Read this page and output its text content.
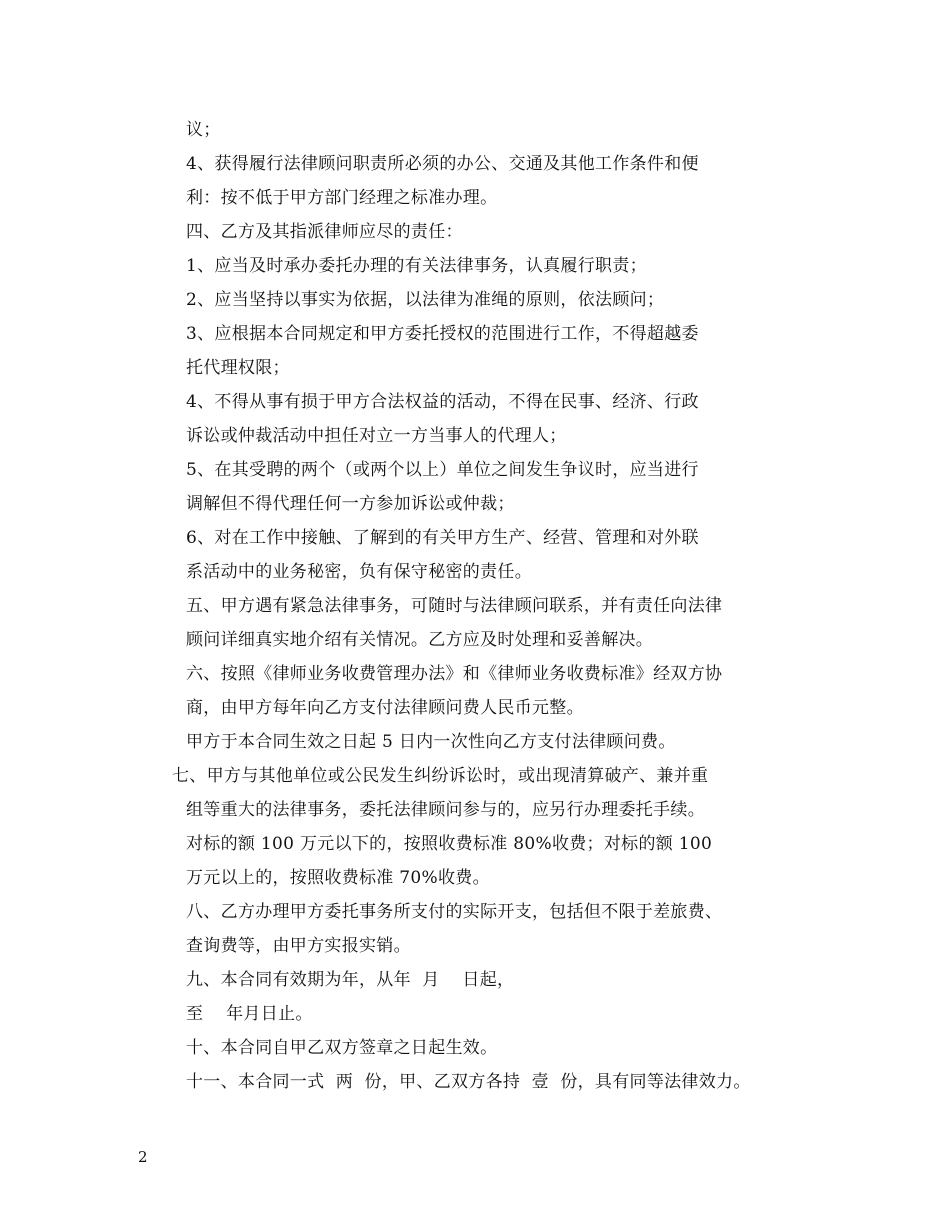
议；
4、获得履行法律顾问职责所必须的办公、交通及其他工作条件和便
利：按不低于甲方部门经理之标准办理。
四、乙方及其指派律师应尽的责任：
1、应当及时承办委托办理的有关法律事务，认真履行职责；
2、应当坚持以事实为依据，以法律为准绳的原则，依法顾问；
3、应根据本合同规定和甲方委托授权的范围进行工作，不得超越委
托代理权限；
4、不得从事有损于甲方合法权益的活动，不得在民事、经济、行政
诉讼或仲裁活动中担任对立一方当事人的代理人；
5、在其受聘的两个（或两个以上）单位之间发生争议时，应当进行
调解但不得代理任何一方参加诉讼或仲裁；
6、对在工作中接触、了解到的有关甲方生产、经营、管理和对外联
系活动中的业务秘密，负有保守秘密的责任。
五、甲方遇有紧急法律事务，可随时与法律顾问联系，并有责任向法律
顾问详细真实地介绍有关情况。乙方应及时处理和妥善解决。
六、按照《律师业务收费管理办法》和《律师业务收费标准》经双方协
商，由甲方每年向乙方支付法律顾问费人民币元整。
甲方于本合同生效之日起 5 日内一次性向乙方支付法律顾问费。
七、甲方与其他单位或公民发生纠纷诉讼时，或出现清算破产、兼并重
组等重大的法律事务，委托法律顾问参与的，应另行办理委托手续。
对标的额 100 万元以下的，按照收费标准 80%收费；对标的额 100
万元以上的，按照收费标准 70%收费。
八、乙方办理甲方委托事务所支付的实际开支，包括但不限于差旅费、
查询费等，由甲方实报实销。
九、本合同有效期为年，从年  月    日起，
至    年月日止。
十、本合同自甲乙双方签章之日起生效。
十一、本合同一式  两  份，甲、乙双方各持  壹  份，具有同等法律效力。
2
